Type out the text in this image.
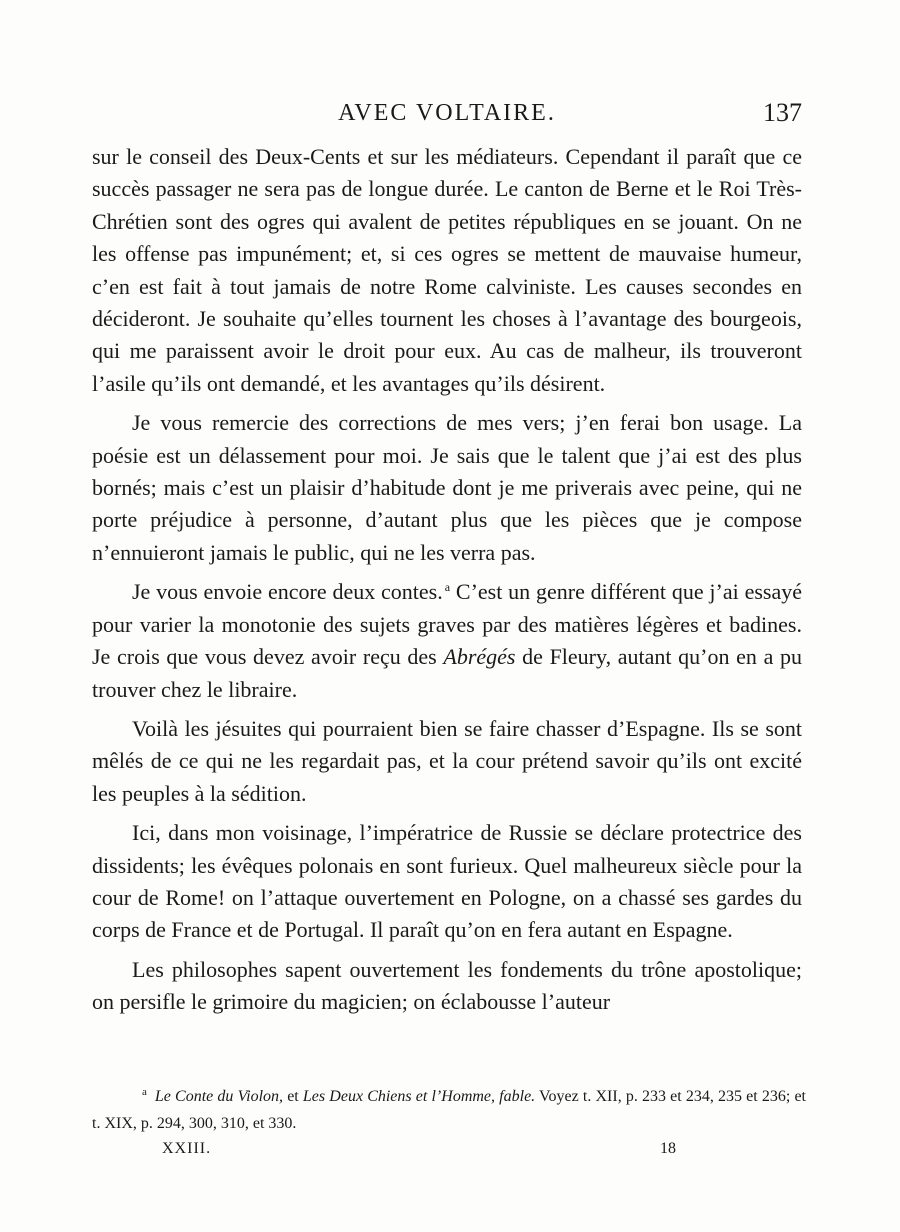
AVEC VOLTAIRE.	137

sur le conseil des Deux-Cents et sur les médiateurs. Cependant il paraît que ce succès passager ne sera pas de longue durée. Le canton de Berne et le Roi Très-Chrétien sont des ogres qui avalent de petites républiques en se jouant. On ne les offense pas impunément; et, si ces ogres se mettent de mauvaise humeur, c’en est fait à tout jamais de notre Rome calviniste. Les causes secondes en décideront. Je souhaite qu’elles tournent les choses à l’avantage des bourgeois, qui me paraissent avoir le droit pour eux. Au cas de malheur, ils trouveront l’asile qu’ils ont demandé, et les avantages qu’ils désirent.

Je vous remercie des corrections de mes vers; j’en ferai bon usage. La poésie est un délassement pour moi. Je sais que le talent que j’ai est des plus bornés; mais c’est un plaisir d’habitude dont je me priverais avec peine, qui ne porte préjudice à personne, d’autant plus que les pièces que je compose n’ennuieront jamais le public, qui ne les verra pas.

Je vous envoie encore deux contes. $^a$ C’est un genre différent que j’ai essayé pour varier la monotonie des sujets graves par des matières légères et badines. Je crois que vous devez avoir reçu des Abrégés de Fleury, autant qu’on en a pu trouver chez le libraire.

Voilà les jésuites qui pourraient bien se faire chasser d’Espagne. Ils se sont mêlés de ce qui ne les regardait pas, et la cour prétend savoir qu’ils ont excité les peuples à la sédition.

Ici, dans mon voisinage, l’impératrice de Russie se déclare protectrice des dissidents; les évêques polonais en sont furieux. Quel malheureux siècle pour la cour de Rome! on l’attaque ouvertement en Pologne, on a chassé ses gardes du corps de France et de Portugal. Il paraît qu’on en fera autant en Espagne.

Les philosophes sapent ouvertement les fondements du trône apostolique; on persifle le grimoire du magicien; on éclabousse l’auteur

$^a$ Le Conte du Violon, et Les Deux Chiens et l’Homme, fable. Voyez t. XII, p. 233 et 234, 235 et 236; et t. XIX, p. 294, 300, 310, et 330.
XXIII.	18
